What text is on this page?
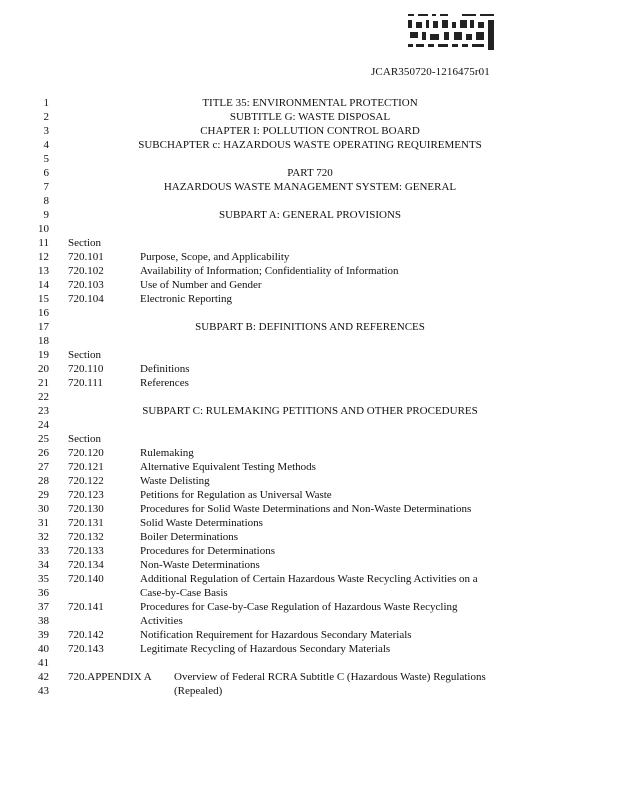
JCAR350720-1216475r01
1
2
3
4
5
6
7
8
9
10
11
12
13
14
15
16
17
18
19
20
21
22
23
24
25
26
27
28
29
30
31
32
33
34
35
36
37
38
39
40
41
42
43
TITLE 35: ENVIRONMENTAL PROTECTION
SUBTITLE G: WASTE DISPOSAL
CHAPTER I: POLLUTION CONTROL BOARD
SUBCHAPTER c: HAZARDOUS WASTE OPERATING REQUIREMENTS
PART 720
HAZARDOUS WASTE MANAGEMENT SYSTEM: GENERAL
SUBPART A: GENERAL PROVISIONS
Section
720.101	Purpose, Scope, and Applicability
720.102	Availability of Information; Confidentiality of Information
720.103	Use of Number and Gender
720.104	Electronic Reporting
SUBPART B: DEFINITIONS AND REFERENCES
Section
720.110	Definitions
720.111	References
SUBPART C: RULEMAKING PETITIONS AND OTHER PROCEDURES
Section
720.120	Rulemaking
720.121	Alternative Equivalent Testing Methods
720.122	Waste Delisting
720.123	Petitions for Regulation as Universal Waste
720.130	Procedures for Solid Waste Determinations and Non-Waste Determinations
720.131	Solid Waste Determinations
720.132	Boiler Determinations
720.133	Procedures for Determinations
720.134	Non-Waste Determinations
720.140	Additional Regulation of Certain Hazardous Waste Recycling Activities on a
Case-by-Case Basis
720.141	Procedures for Case-by-Case Regulation of Hazardous Waste Recycling
Activities
720.142	Notification Requirement for Hazardous Secondary Materials
720.143	Legitimate Recycling of Hazardous Secondary Materials
720.APPENDIX A Overview of Federal RCRA Subtitle C (Hazardous Waste) Regulations
(Repealed)
